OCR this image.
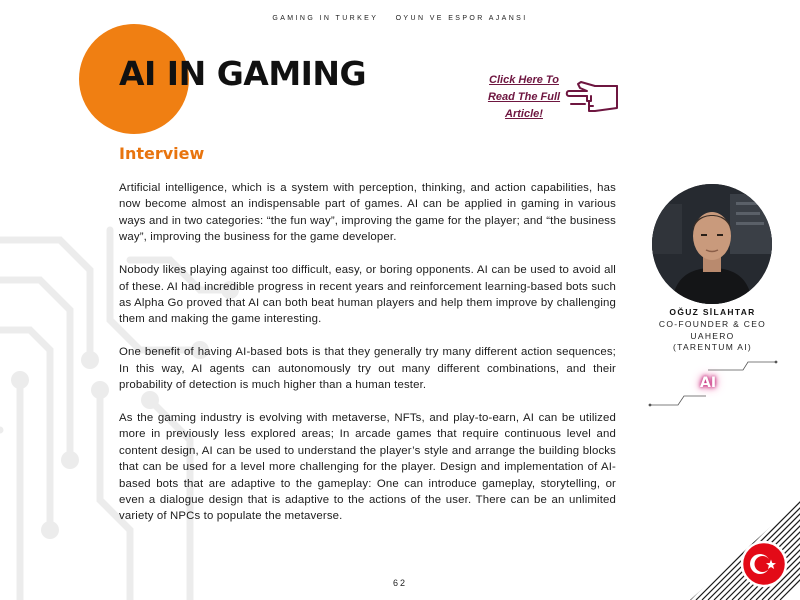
GAMING IN TURKEY    OYUN VE ESPOR AJANSI
AI IN GAMING	Click Here To Read The Full Article!
Interview

Artificial intelligence, which is a system with perception, thinking, and action capabilities, has now become almost an indispensable part of games. AI can be applied in gaming in various ways and in two categories: “the fun way”, improving the game for the player; and “the business way”, improving the business for the game developer.

Nobody likes playing against too difficult, easy, or boring opponents. AI can be used to avoid all of these. AI had incredible progress in recent years and reinforcement learning-based bots such as Alpha Go proved that AI can both beat human players and help them improve by challenging them and making the game interesting.

One benefit of having AI-based bots is that they generally try many different action sequences; In this way, AI agents can autonomously try out many different combinations, and their probability of detection is much higher than a human tester.

As the gaming industry is evolving with metaverse, NFTs, and play-to-earn, AI can be utilized more in previously less explored areas; In arcade games that require continuous level and content design, AI can be used to understand the player’s style and arrange the building blocks that can be used for a level more challenging for the player. Design and implementation of AI-based bots that are adaptive to the gameplay: One can introduce gameplay, storytelling, or even a dialogue design that is adaptive to the actions of the user. There can be an unlimited variety of NPCs to populate the metaverse.

OĞUZ SİLAHTAR
CO-FOUNDER & CEO
UAHERO
(TARENTUM AI)
AI
62
